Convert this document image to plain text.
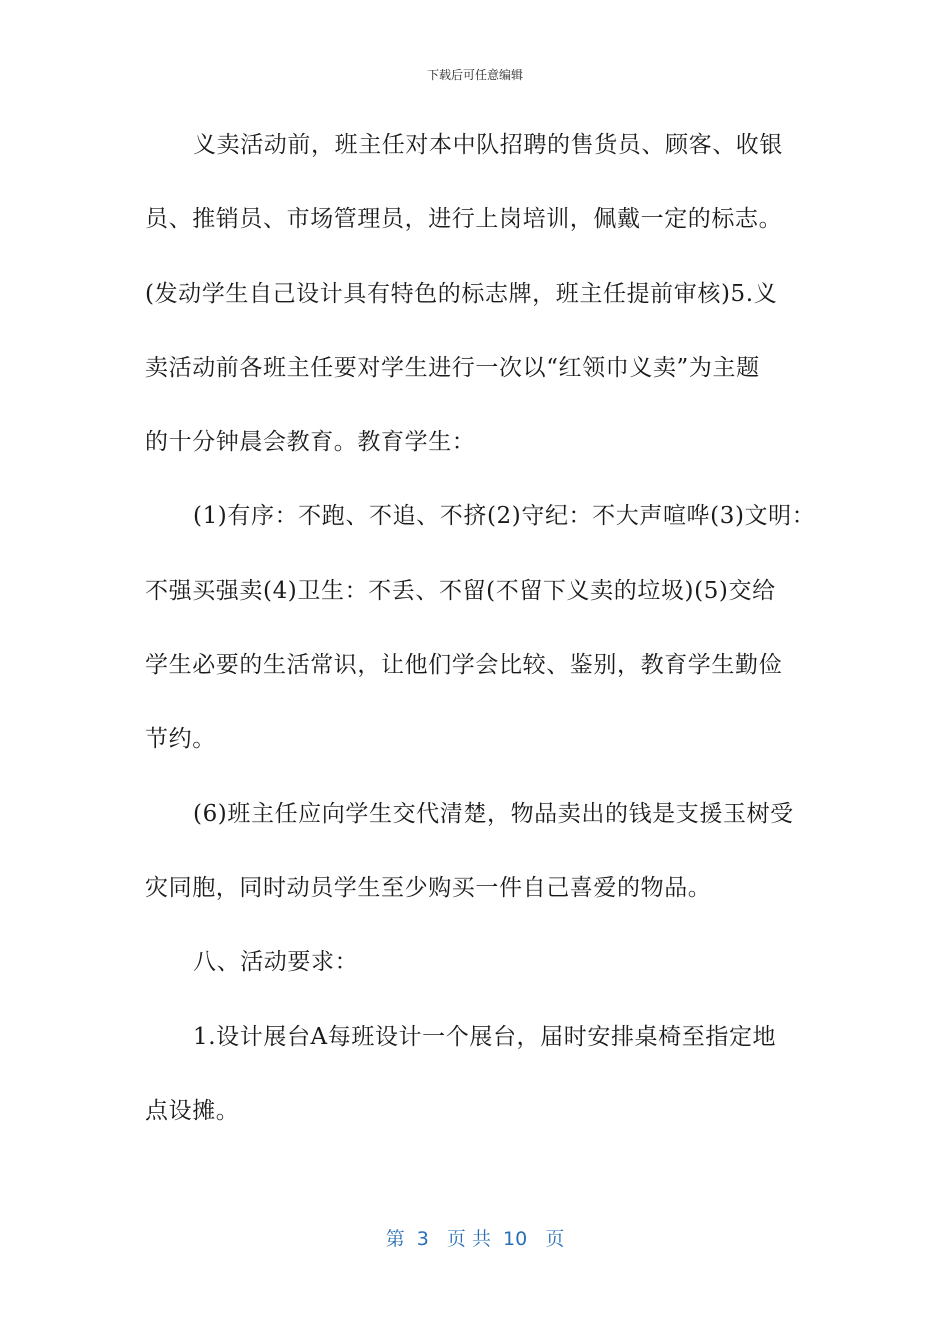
下载后可任意编辑
义卖活动前，班主任对本中队招聘的售货员、顾客、收银
员、推销员、市场管理员，进行上岗培训，佩戴一定的标志。
(发动学生自己设计具有特色的标志牌，班主任提前审核)5.义
卖活动前各班主任要对学生进行一次以“红领巾义卖”为主题
的十分钟晨会教育。教育学生：
(1)有序：不跑、不追、不挤(2)守纪：不大声喧哗(3)文明：
不强买强卖(4)卫生：不丢、不留(不留下义卖的垃圾)(5)交给
学生必要的生活常识，让他们学会比较、鉴别，教育学生勤俭
节约。
(6)班主任应向学生交代清楚，物品卖出的钱是支援玉树受
灾同胞，同时动员学生至少购买一件自己喜爱的物品。
八、活动要求：
1.设计展台A每班设计一个展台，届时安排桌椅至指定地
点设摊。
第  3   页 共  10   页
